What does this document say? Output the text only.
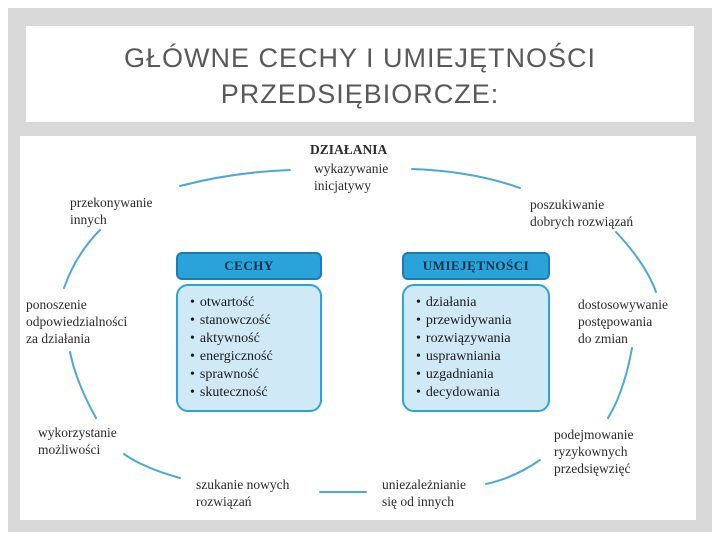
GŁÓWNE CECHY I UMIEJĘTNOŚCI
PRZEDSIĘBIORCZE:
DZIAŁANIA
wykazywanie
inicjatywy
poszukiwanie
dobrych rozwiązań
dostosowywanie
postępowania
do zmian
podejmowanie
ryzykownych
przedsięwzięć
uniezależnianie
się od innych
szukanie nowych
rozwiązań
wykorzystanie
możliwości
ponoszenie
odpowiedzialności
za działania
przekonywanie
innych
CECHY
• otwartość
• stanowczość
• aktywność
• energiczność
• sprawność
• skuteczność
UMIEJĘTNOŚCI
• działania
• przewidywania
• rozwiązywania
• usprawniania
• uzgadniania
• decydowania
